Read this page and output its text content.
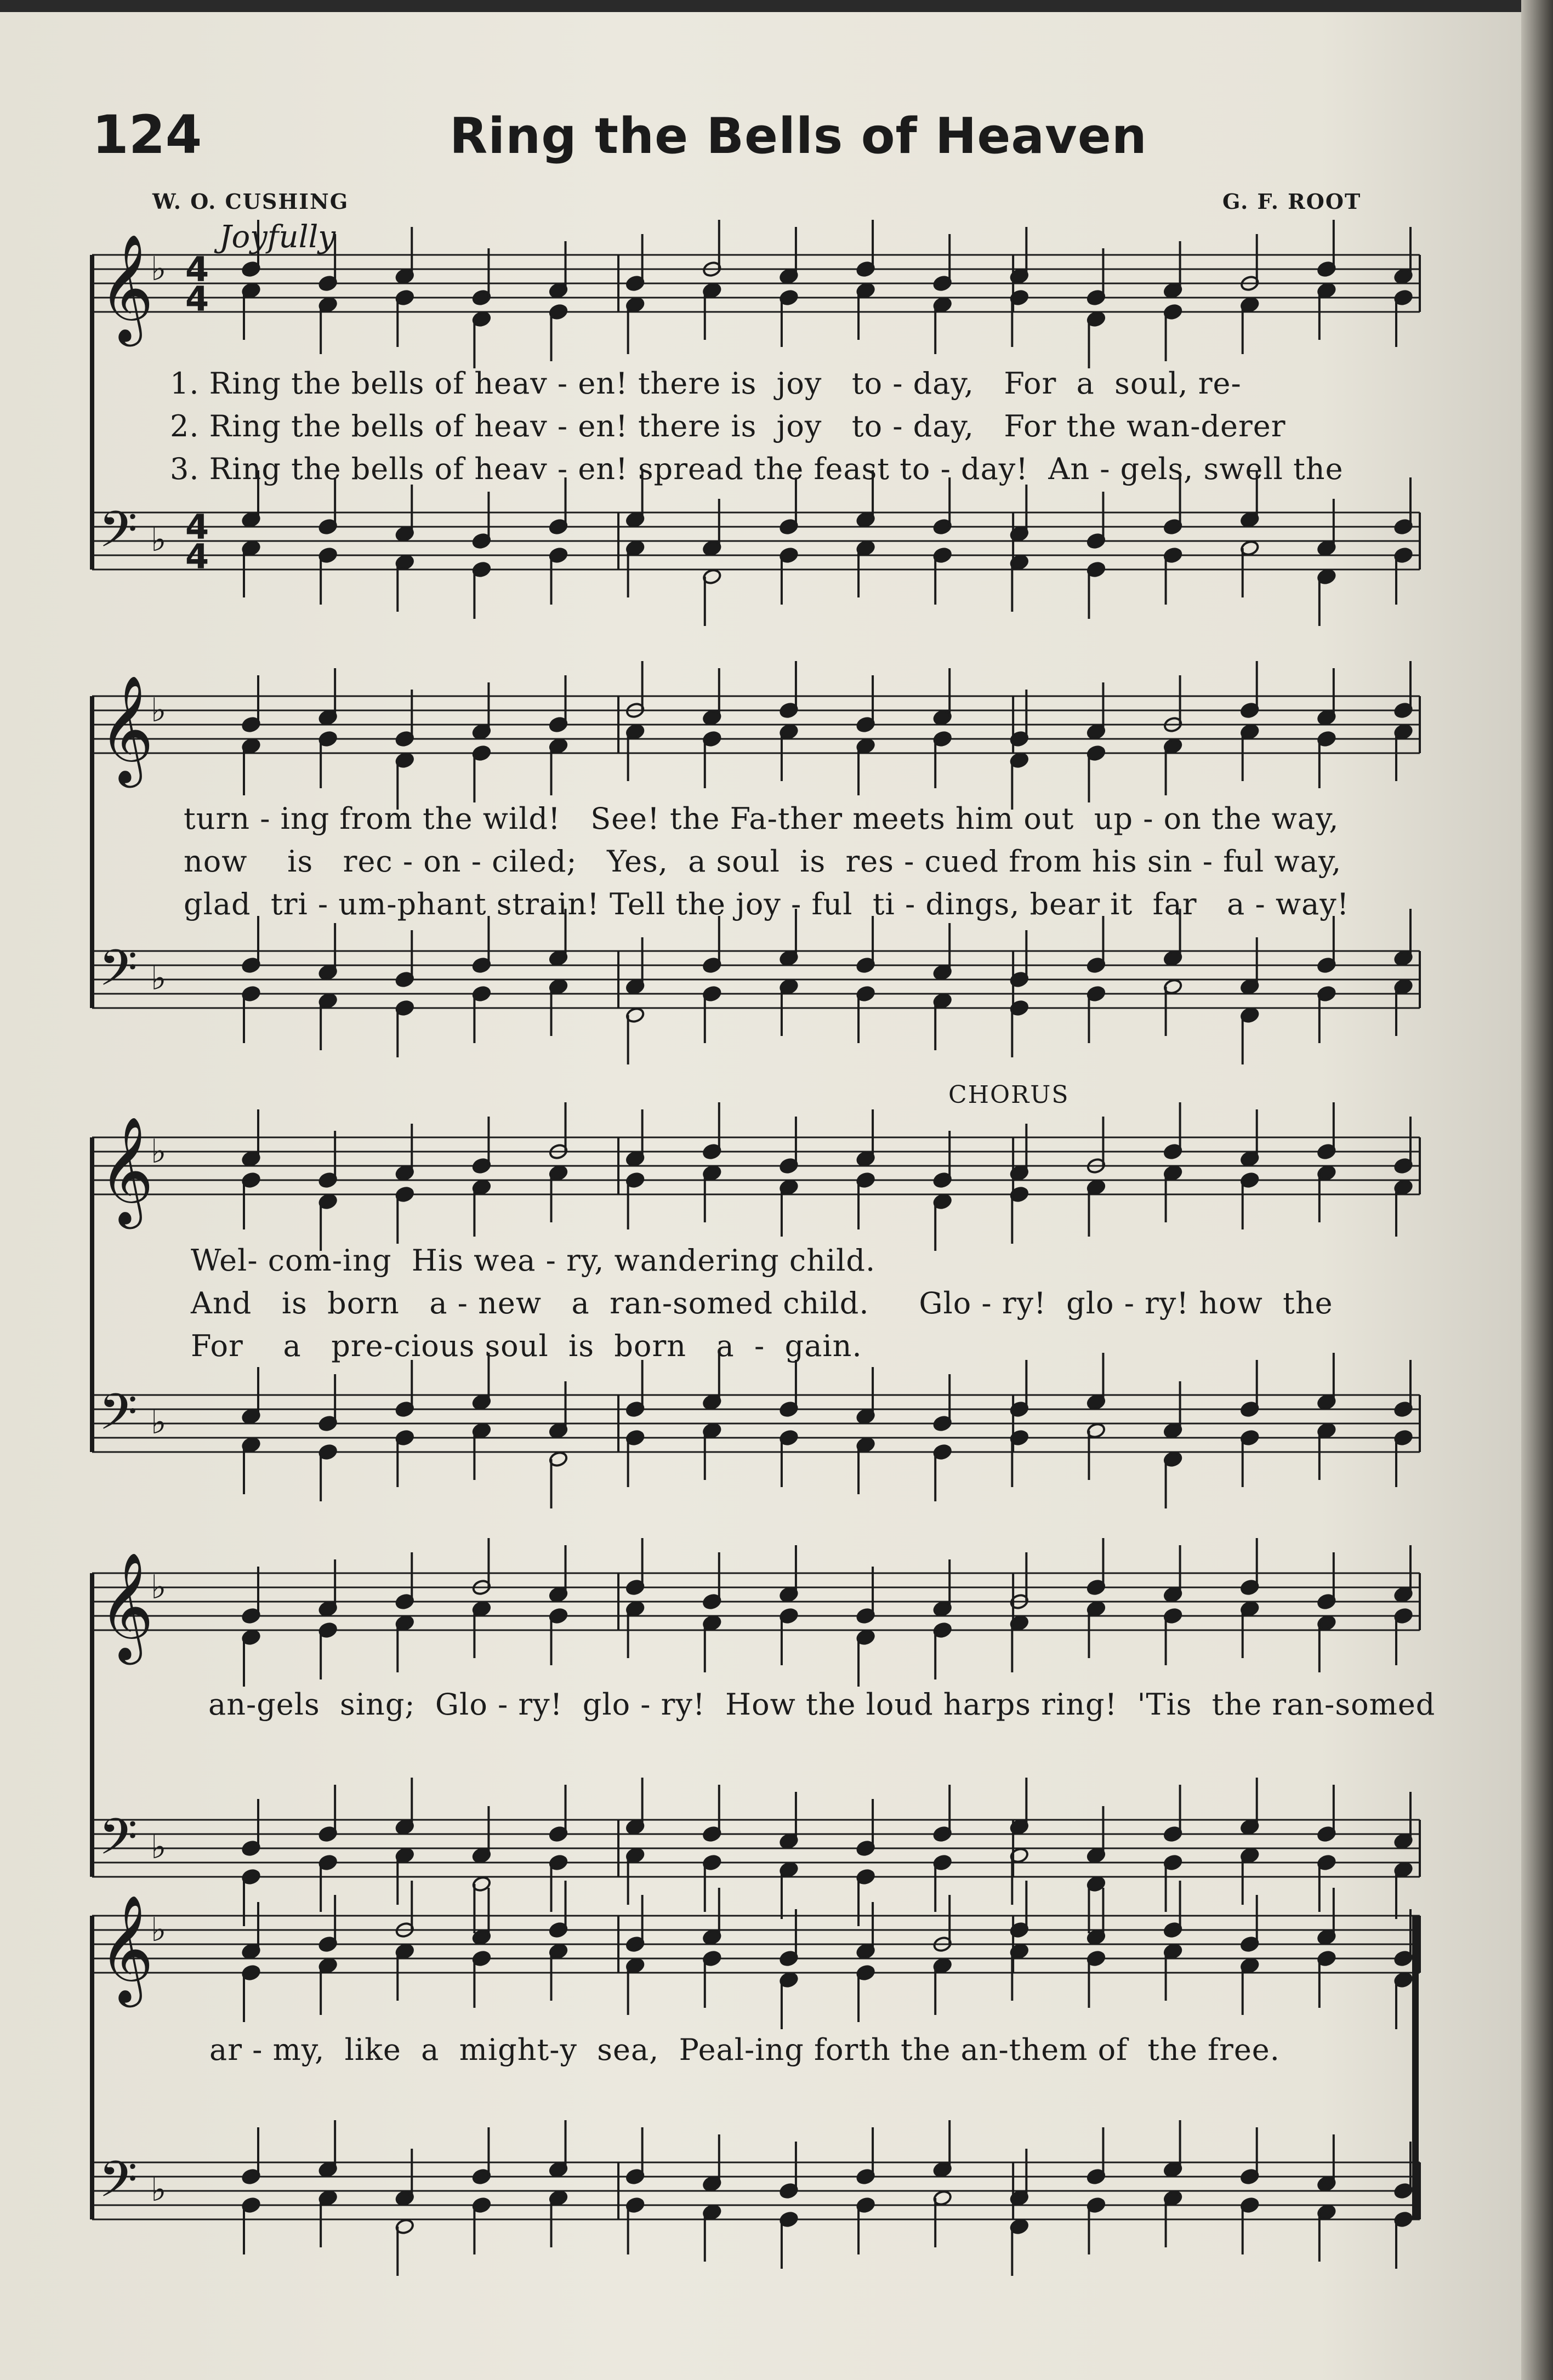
124	Ring the Bells of Heaven
W. O. CUSHING	G. F. ROOT
Joyfully
CHORUS
𝄞
♭
𝄢 ♭
4
4
4
4
𝄞
♭
𝄢 ♭
𝄞
♭
𝄢 ♭
𝄞
♭
𝄢 ♭
𝄞
♭
𝄢 ♭
1. Ring the bells of heav - en! there is  joy   to - day,   For  a  soul, re-
2. Ring the bells of heav - en! there is  joy   to - day,   For the wan-derer
3. Ring the bells of heav - en! spread the feast to - day!  An - gels, swell the
turn - ing from the wild!   See! the Fa-ther meets him out  up - on the way,
now    is   rec - on - ciled;   Yes,  a soul  is  res - cued from his sin - ful way,
glad  tri - um-phant strain! Tell the joy - ful  ti - dings, bear it  far   a - way!
Wel- com-ing  His wea - ry, wandering child.
And   is  born   a - new   a  ran-somed child.     Glo - ry!  glo - ry! how  the
For    a   pre-cious soul  is  born   a  -  gain.
an-gels  sing;  Glo - ry!  glo - ry!  How the loud harps ring!  'Tis  the ran-somed
ar - my,  like  a  might-y  sea,  Peal-ing forth the an-them of  the free.
